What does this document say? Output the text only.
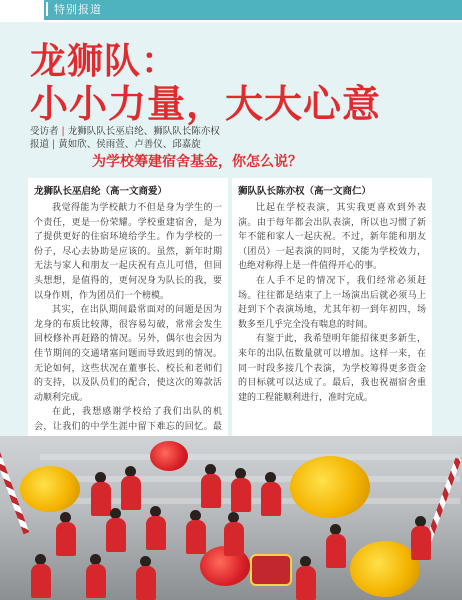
特别报道
龙狮队：
小小力量，大大心意
受访者 | 龙狮队队长巫启纶、狮队队长陈亦权
报道 | 黄如欣、侯雨萱、卢善仪、邱嘉旋
为学校筹建宿舍基金，你怎么说？
龙狮队长巫启纶（高一文商爱）

我觉得能为学校献力不但是身为学生的一个责任，更是一份荣耀。学校重建宿舍，是为了提供更好的住宿环境给学生。作为学校的一份子，尽心去协助是应该的。虽然，新年时期无法与家人和朋友一起庆祝有点儿可惜，但回头想想，是值得的，更何况身为队长的我，要以身作则，作为团员们一个榜模。

其实，在出队期间最常面对的问题是因为龙身的布质比较薄，很容易勾破，常常会发生回校修补再赶路的情况。另外，偶尔也会因为佳节期间的交通堵塞问题而导致迟到的情况。无论如何，这些状况在董事长、校长和老师们的支持，以及队员们的配合，使这次的筹款活动顺利完成。

在此，我想感谢学校给了我们出队的机会，让我们的中学生涯中留下难忘的回忆。最

狮队队长陈亦权（高一文商仁）

比起在学校表演，其实我更喜欢到外表演。由于每年都会出队表演，所以也习惯了新年不能和家人一起庆祝。不过，新年能和朋友（团员）一起表演的同时，又能为学校效力，也绝对称得上是一件值得开心的事。

在人手不足的情况下，我们经常必须赶场。往往都是结束了上一场演出后就必须马上赶到下个表演场地，尤其年初一到年初四，场数多至几乎完全没有喘息的时间。

有鉴于此，我希望明年能招徕更多新生，来年的出队伍数量就可以增加。这样一来，在同一时段多接几个表演，为学校筹得更多资金的目标就可以达成了。最后，我也祝福宿舍重建的工程能顺利进行，准时完成。
